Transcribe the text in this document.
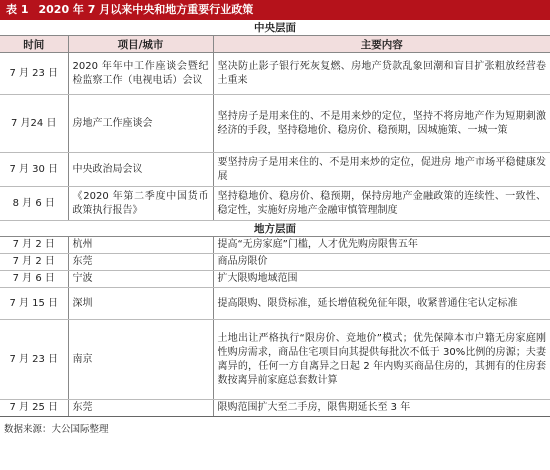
表 1 2020 年 7 月以来中央和地方重要行业政策
中央层面		
时间	项目/城市	主要内容
7 月 23 日	2020 年年中工作座谈会暨纪检监察工作（电视电话）会议	坚决防止影子银行死灰复燃、房地产贷款乱象回潮和盲目扩张粗放经营卷土重来
7 月24 日	房地产工作座谈会	坚持房子是用来住的、不是用来炒的定位，坚持不将房地产作为短期刺激经济的手段，坚持稳地价、稳房价、稳预期，因城施策、一城一策
7 月 30 日	中央政治局会议	要坚持房子是用来住的、不是用来炒的定位，促进房 地产市场平稳健康发展
8 月 6 日	《2020 年第二季度中国货币政策执行报告》	坚持稳地价、稳房价、稳预期，保持房地产金融政策的连续性、一致性、稳定性，实施好房地产金融审慎管理制度
地方层面		
7 月 2 日	杭州	提高“无房家庭”门槛，人才优先购房限售五年
7 月 2 日	东莞	商品房限价
7 月 6 日	宁波	扩大限购地域范围
7 月 15 日	深圳	提高限购、限贷标准，延长增值税免征年限，收紧普通住宅认定标准
7 月 23 日	南京	土地出让严格执行“限房价、竞地价”模式；优先保障本市户籍无房家庭刚性购房需求，商品住宅项目向其提供每批次不低于 30%比例的房源；夫妻离异的，任何一方自离异之日起 2 年内购买商品住房的，其拥有的住房套数按离异前家庭总套数计算
7 月 25 日	东莞	限购范围扩大至二手房，限售期延长至 3 年
数据来源：大公国际整理
